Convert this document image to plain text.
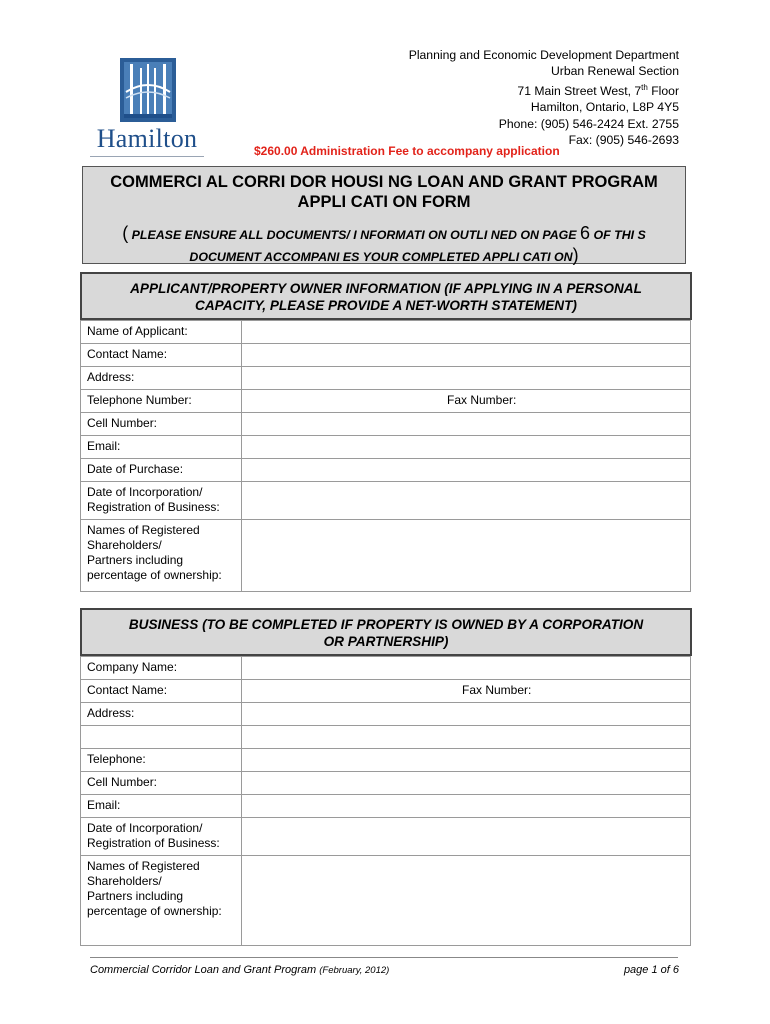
Hamilton
Planning and Economic Development Department
Urban Renewal Section
71 Main Street West, 7th Floor
Hamilton, Ontario, L8P 4Y5
Phone: (905) 546-2424 Ext. 2755
Fax: (905) 546-2693
$260.00 Administration Fee to accompany application
COMMERCI AL CORRI DOR HOUSI NG LOAN AND GRANT PROGRAM
APPLI CATI ON FORM
( PLEASE ENSURE ALL DOCUMENTS/ I NFORMATI ON OUTLI NED ON PAGE 6 OF THI S
DOCUMENT ACCOMPANI ES YOUR COMPLETED APPLI CATI ON)
APPLICANT/PROPERTY OWNER INFORMATION (IF APPLYING IN A PERSONAL
CAPACITY, PLEASE PROVIDE A NET-WORTH STATEMENT)
Name of Applicant:	

Contact Name:	

Address:	

Telephone Number:	Fax Number:

Cell Number:	

Email:	

Date of Purchase:	

Date of Incorporation/
Registration of Business:	

Names of Registered
Shareholders/
Partners including
percentage of ownership:	

BUSINESS (TO BE COMPLETED IF PROPERTY IS OWNED BY A CORPORATION
OR PARTNERSHIP)
Company Name:	

Contact Name:	Fax Number:

Address:	

Telephone:	

Cell Number:	

Email:	

Date of Incorporation/
Registration of Business:	

Names of Registered
Shareholders/
Partners including
percentage of ownership:	

Commercial Corridor Loan and Grant Program (February, 2012)	page 1 of 6
